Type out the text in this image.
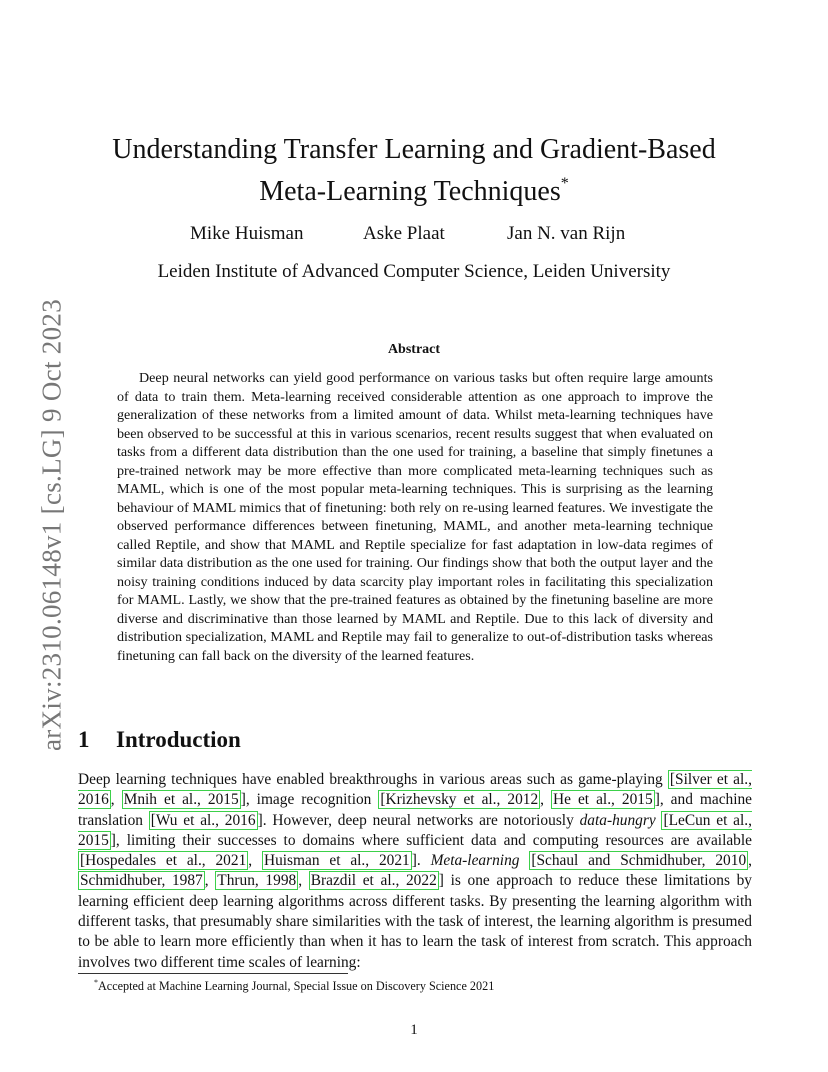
arXiv:2310.06148v1 [cs.LG] 9 Oct 2023
Understanding Transfer Learning and Gradient-Based
Meta-Learning Techniques*
Mike Huisman	Aske Plaat	Jan N. van Rijn
Leiden Institute of Advanced Computer Science, Leiden University
Abstract

Deep neural networks can yield good performance on various tasks but often require large amounts of data to train them. Meta-learning received considerable attention as one approach to improve the generalization of these networks from a limited amount of data. Whilst meta-learning techniques have been observed to be successful at this in various scenarios, recent results suggest that when evaluated on tasks from a different data distribution than the one used for training, a baseline that simply finetunes a pre-trained network may be more effective than more complicated meta-learning techniques such as MAML, which is one of the most popular meta-learning techniques. This is surprising as the learning behaviour of MAML mimics that of finetuning: both rely on re-using learned features. We investigate the observed performance differences between finetuning, MAML, and another meta-learning technique called Reptile, and show that MAML and Reptile specialize for fast adaptation in low-data regimes of similar data distribution as the one used for training. Our findings show that both the output layer and the noisy training conditions induced by data scarcity play important roles in facilitating this specialization for MAML. Lastly, we show that the pre-trained features as obtained by the finetuning baseline are more diverse and discriminative than those learned by MAML and Reptile. Due to this lack of diversity and distribution specialization, MAML and Reptile may fail to generalize to out-of-distribution tasks whereas finetuning can fall back on the diversity of the learned features.

1 Introduction

Deep learning techniques have enabled breakthroughs in various areas such as game-playing [Silver et al., 2016 , Mnih et al., 2015 ], image recognition [Krizhevsky et al., 2012 , He et al., 2015 ], and machine translation [Wu et al., 2016 ]. However, deep neural networks are notoriously data-hungry [LeCun et al., 2015 ], limiting their successes to domains where sufficient data and computing resources are available [Hospedales et al., 2021 , Huisman et al., 2021 ]. Meta-learning [Schaul and Schmidhuber, 2010 , Schmidhuber, 1987 , Thrun, 1998 , Brazdil et al., 2022 ] is one approach to reduce these limitations by learning efficient deep learning algorithms across different tasks. By presenting the learning algorithm with different tasks, that presumably share similarities with the task of interest, the learning algorithm is presumed to be able to learn more efficiently than when it has to learn the task of interest from scratch. This approach involves two different time scales of learning:

*Accepted at Machine Learning Journal, Special Issue on Discovery Science 2021
1
